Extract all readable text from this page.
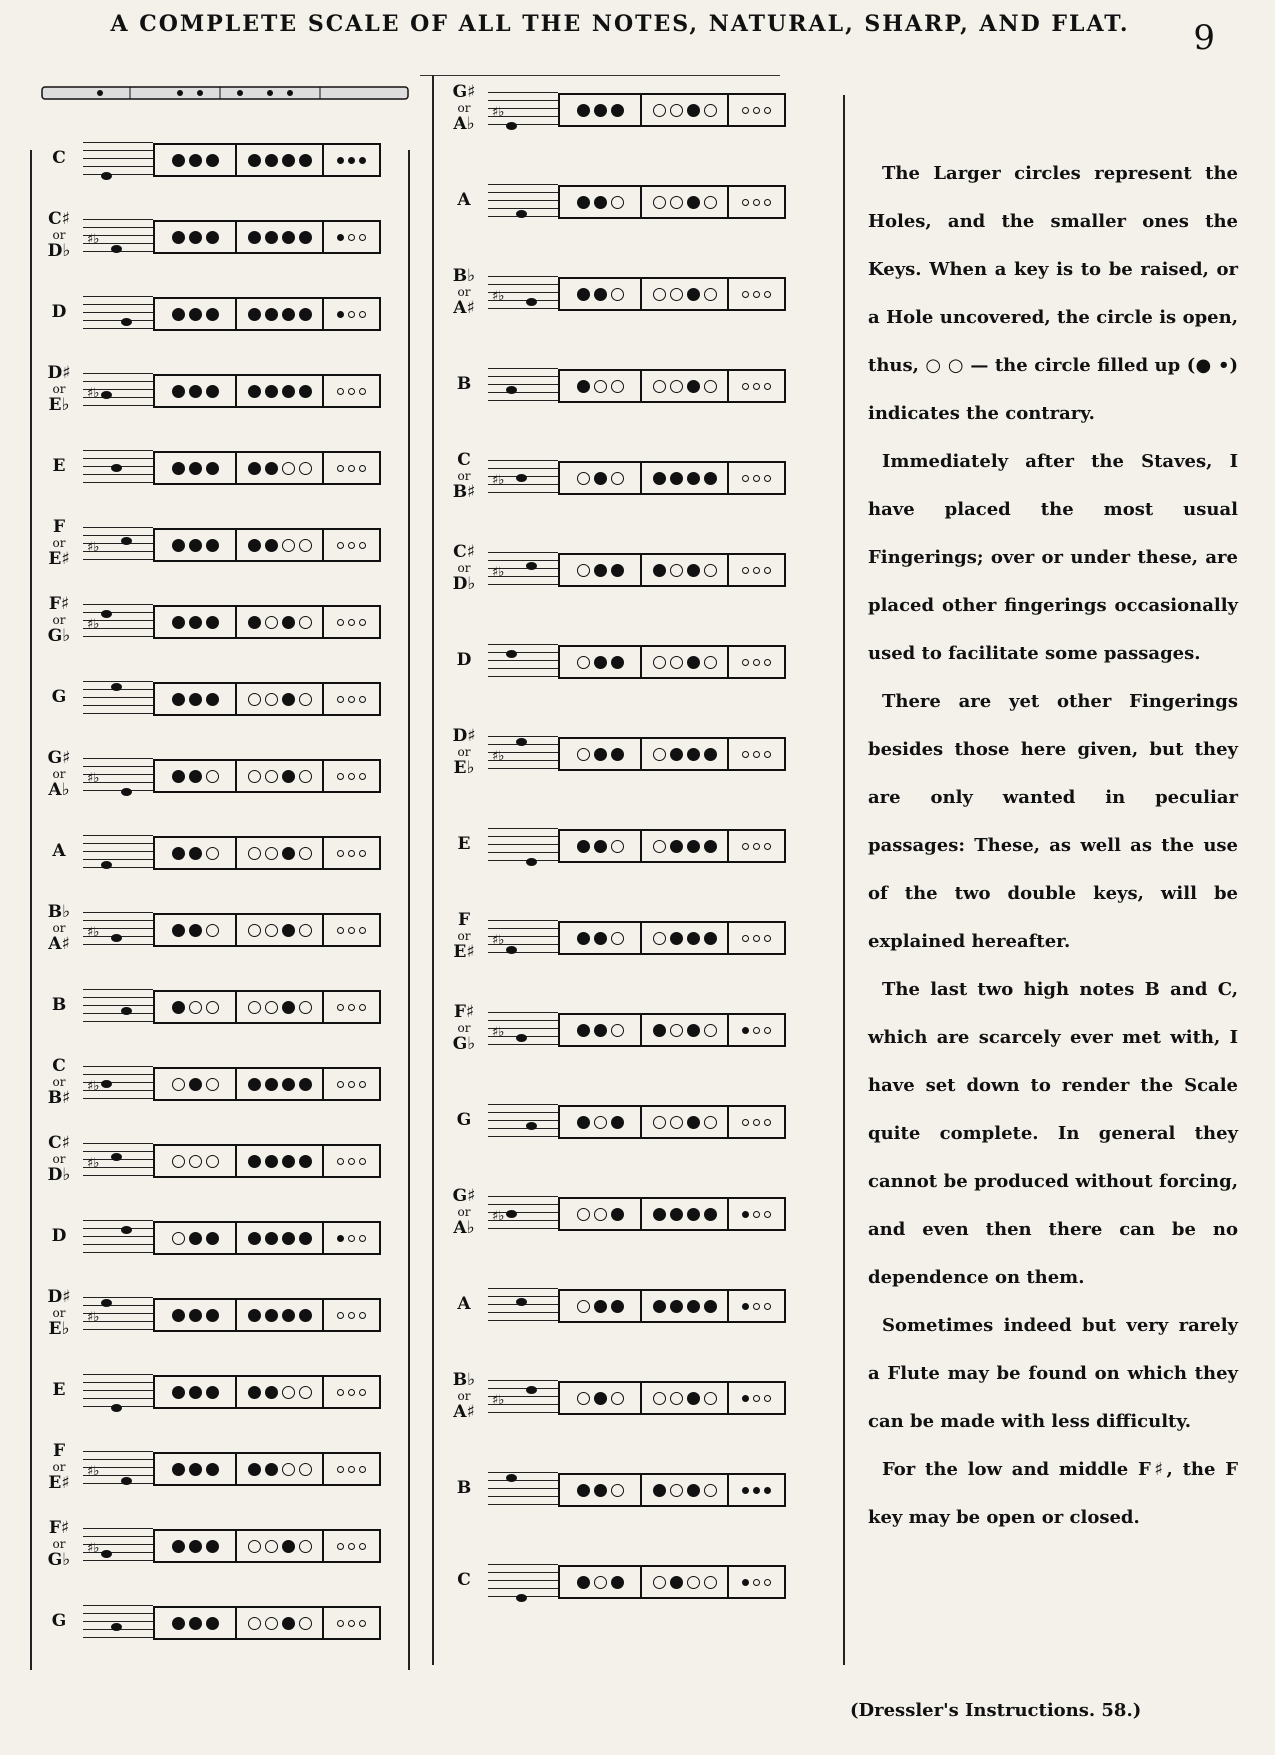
A COMPLETE SCALE OF ALL THE NOTES, NATURAL, SHARP, AND FLAT.	9
C
C♯
or
D♭
♯♭
D
D♯
or
E♭
♯♭
E
F
or
E♯
♯♭
F♯
or
G♭
♯♭
G
G♯
or
A♭
♯♭
A
B♭
or
A♯
♯♭
B
C
or
B♯
♯♭
C♯
or
D♭
♯♭
D
D♯
or
E♭
♯♭
E
F
or
E♯
♯♭
F♯
or
G♭
♯♭
G
G♯
or
A♭
♯♭
A
B♭
or
A♯
♯♭
B
C
or
B♯
♯♭
C♯
or
D♭
♯♭
D
D♯
or
E♭
♯♭
E
F
or
E♯
♯♭
F♯
or
G♭
♯♭
G
G♯
or
A♭
♯♭
A
B♭
or
A♯
♯♭
B
C

The Larger circles represent the Holes, and the smaller ones the Keys. When a key is to be raised, or a Hole uncovered, the circle is open, thus, ○ ○ — the circle filled up (● •) indicates the contrary.

Immediately after the Staves, I have placed the most usual Fingerings; over or under these, are placed other fingerings occasionally used to facilitate some passages.

There are yet other Fingerings besides those here given, but they are only wanted in peculiar passages: These, as well as the use of the two double keys, will be explained hereafter.

The last two high notes B and C, which are scarcely ever met with, I have set down to render the Scale quite complete. In general they cannot be produced without forcing, and even then there can be no dependence on them.

Sometimes indeed but very rarely a Flute may be found on which they can be made with less difficulty.

For the low and middle F♯, the F key may be open or closed.

(Dressler's Instructions. 58.)
